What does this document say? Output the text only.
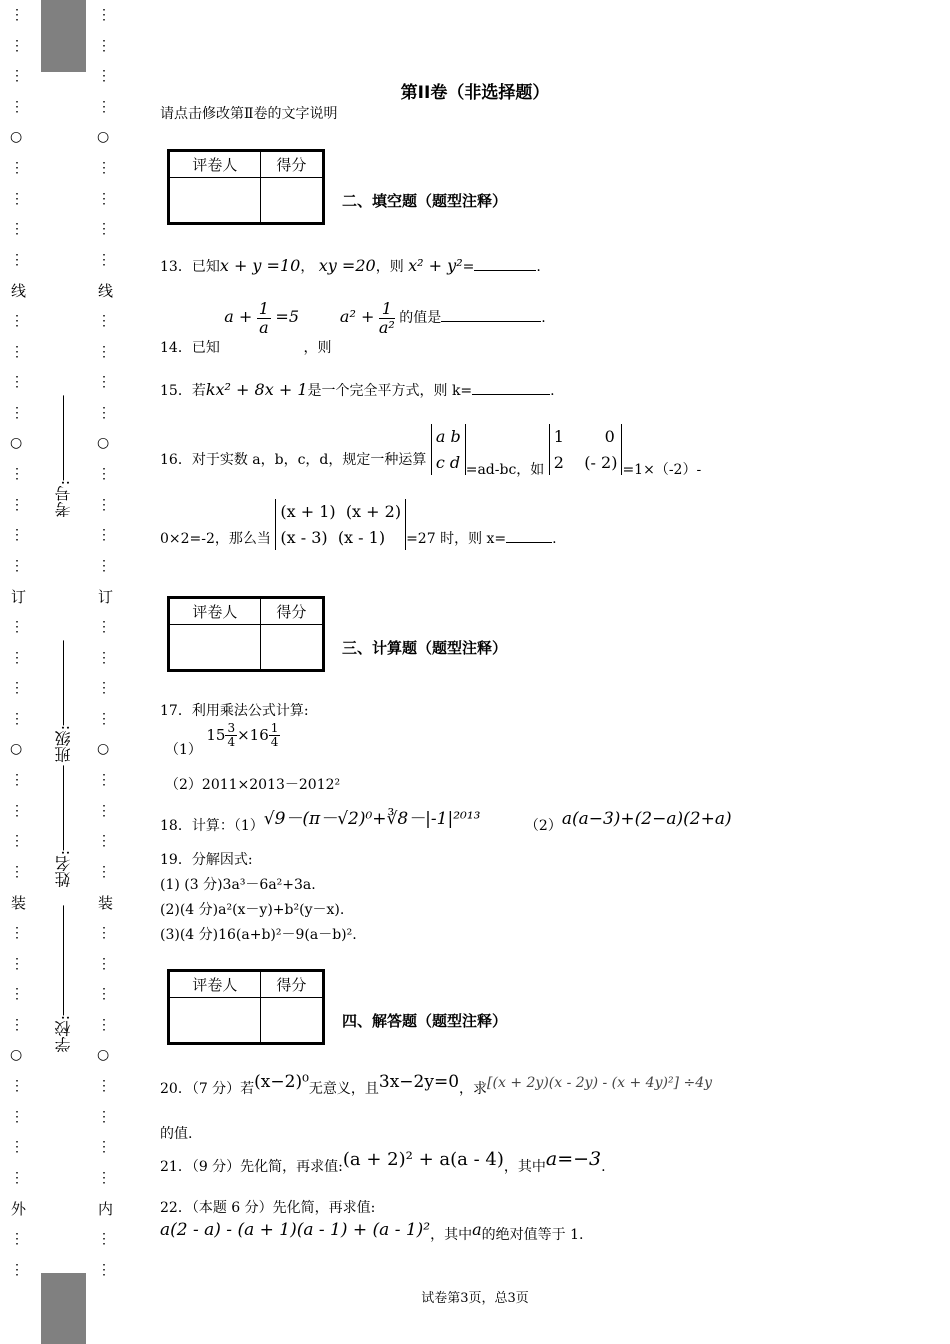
⋮
⋮
⋮
⋮
○
⋮
⋮
⋮
⋮
线
⋮
⋮
⋮
⋮
○
⋮
⋮
⋮
⋮
订
⋮
⋮
⋮
⋮
○
⋮
⋮
⋮
⋮
装
⋮
⋮
⋮
⋮
○
⋮
⋮
⋮
⋮
外
⋮
⋮
⋮
⋮
⋮
⋮
○
⋮
⋮
⋮
⋮
线
⋮
⋮
⋮
⋮
○
⋮
⋮
⋮
⋮
订
⋮
⋮
⋮
⋮
○
⋮
⋮
⋮
⋮
装
⋮
⋮
⋮
⋮
○
⋮
⋮
⋮
⋮
内
⋮
⋮
学校:
姓名:
班级:
考号:
第II卷（非选择题）
请点击修改第Ⅱ卷的文字说明
评卷人	得分

二、填空题（题型注释）
13．已知x + y =10， xy =20，则 x² + y²=	.
14．已知 $a + \frac{1}{a} =5$ ，则 $a^2 + \frac{1}{\text{a²}}$ 的值是	.
15．若kx² + 8x + 1是一个完全平方式，则 k=	.
16．对于实数 a，b，c，d，规定一种运算 a b
c d =ad-bc，如 1	0
2 (- 2) =1×（-2）-
0×2=-2，那么当 (x + 1) (x + 2)
(x - 3) (x - 1) =27 时，则 x=	.
评卷人	得分

三、计算题（题型注释）
17．利用乘法公式计算:
（1） $15 \frac{3}{4} \times 16 \frac{1}{4}$
（2）2011×2013－2012²
18．计算：（1）√9－(π－√2)⁰+∛8－|-1|²⁰¹³	（2）a(a−3)+(2−a)(2+a)
19．分解因式:
(1) (3 分)3a³－6a²+3a.
(2)(4 分)a²(x－y)+b²(y－x).
(3)(4 分)16(a+b)²－9(a－b)².
评卷人	得分

四、解答题（题型注释）
20．（7 分）若(x−2)⁰无意义，且3x−2y=0，求[(x + 2y)(x - 2y) - (x + 4y)²] ÷4y
的值.
21．（9 分）先化简，再求值:(a + 2)² + a(a - 4)，其中a=−3.
22．（本题 6 分）先化简，再求值:
a(2 - a) - (a + 1)(a - 1) + (a - 1)²，其中a的绝对值等于 1.
试卷第3页，总3页
